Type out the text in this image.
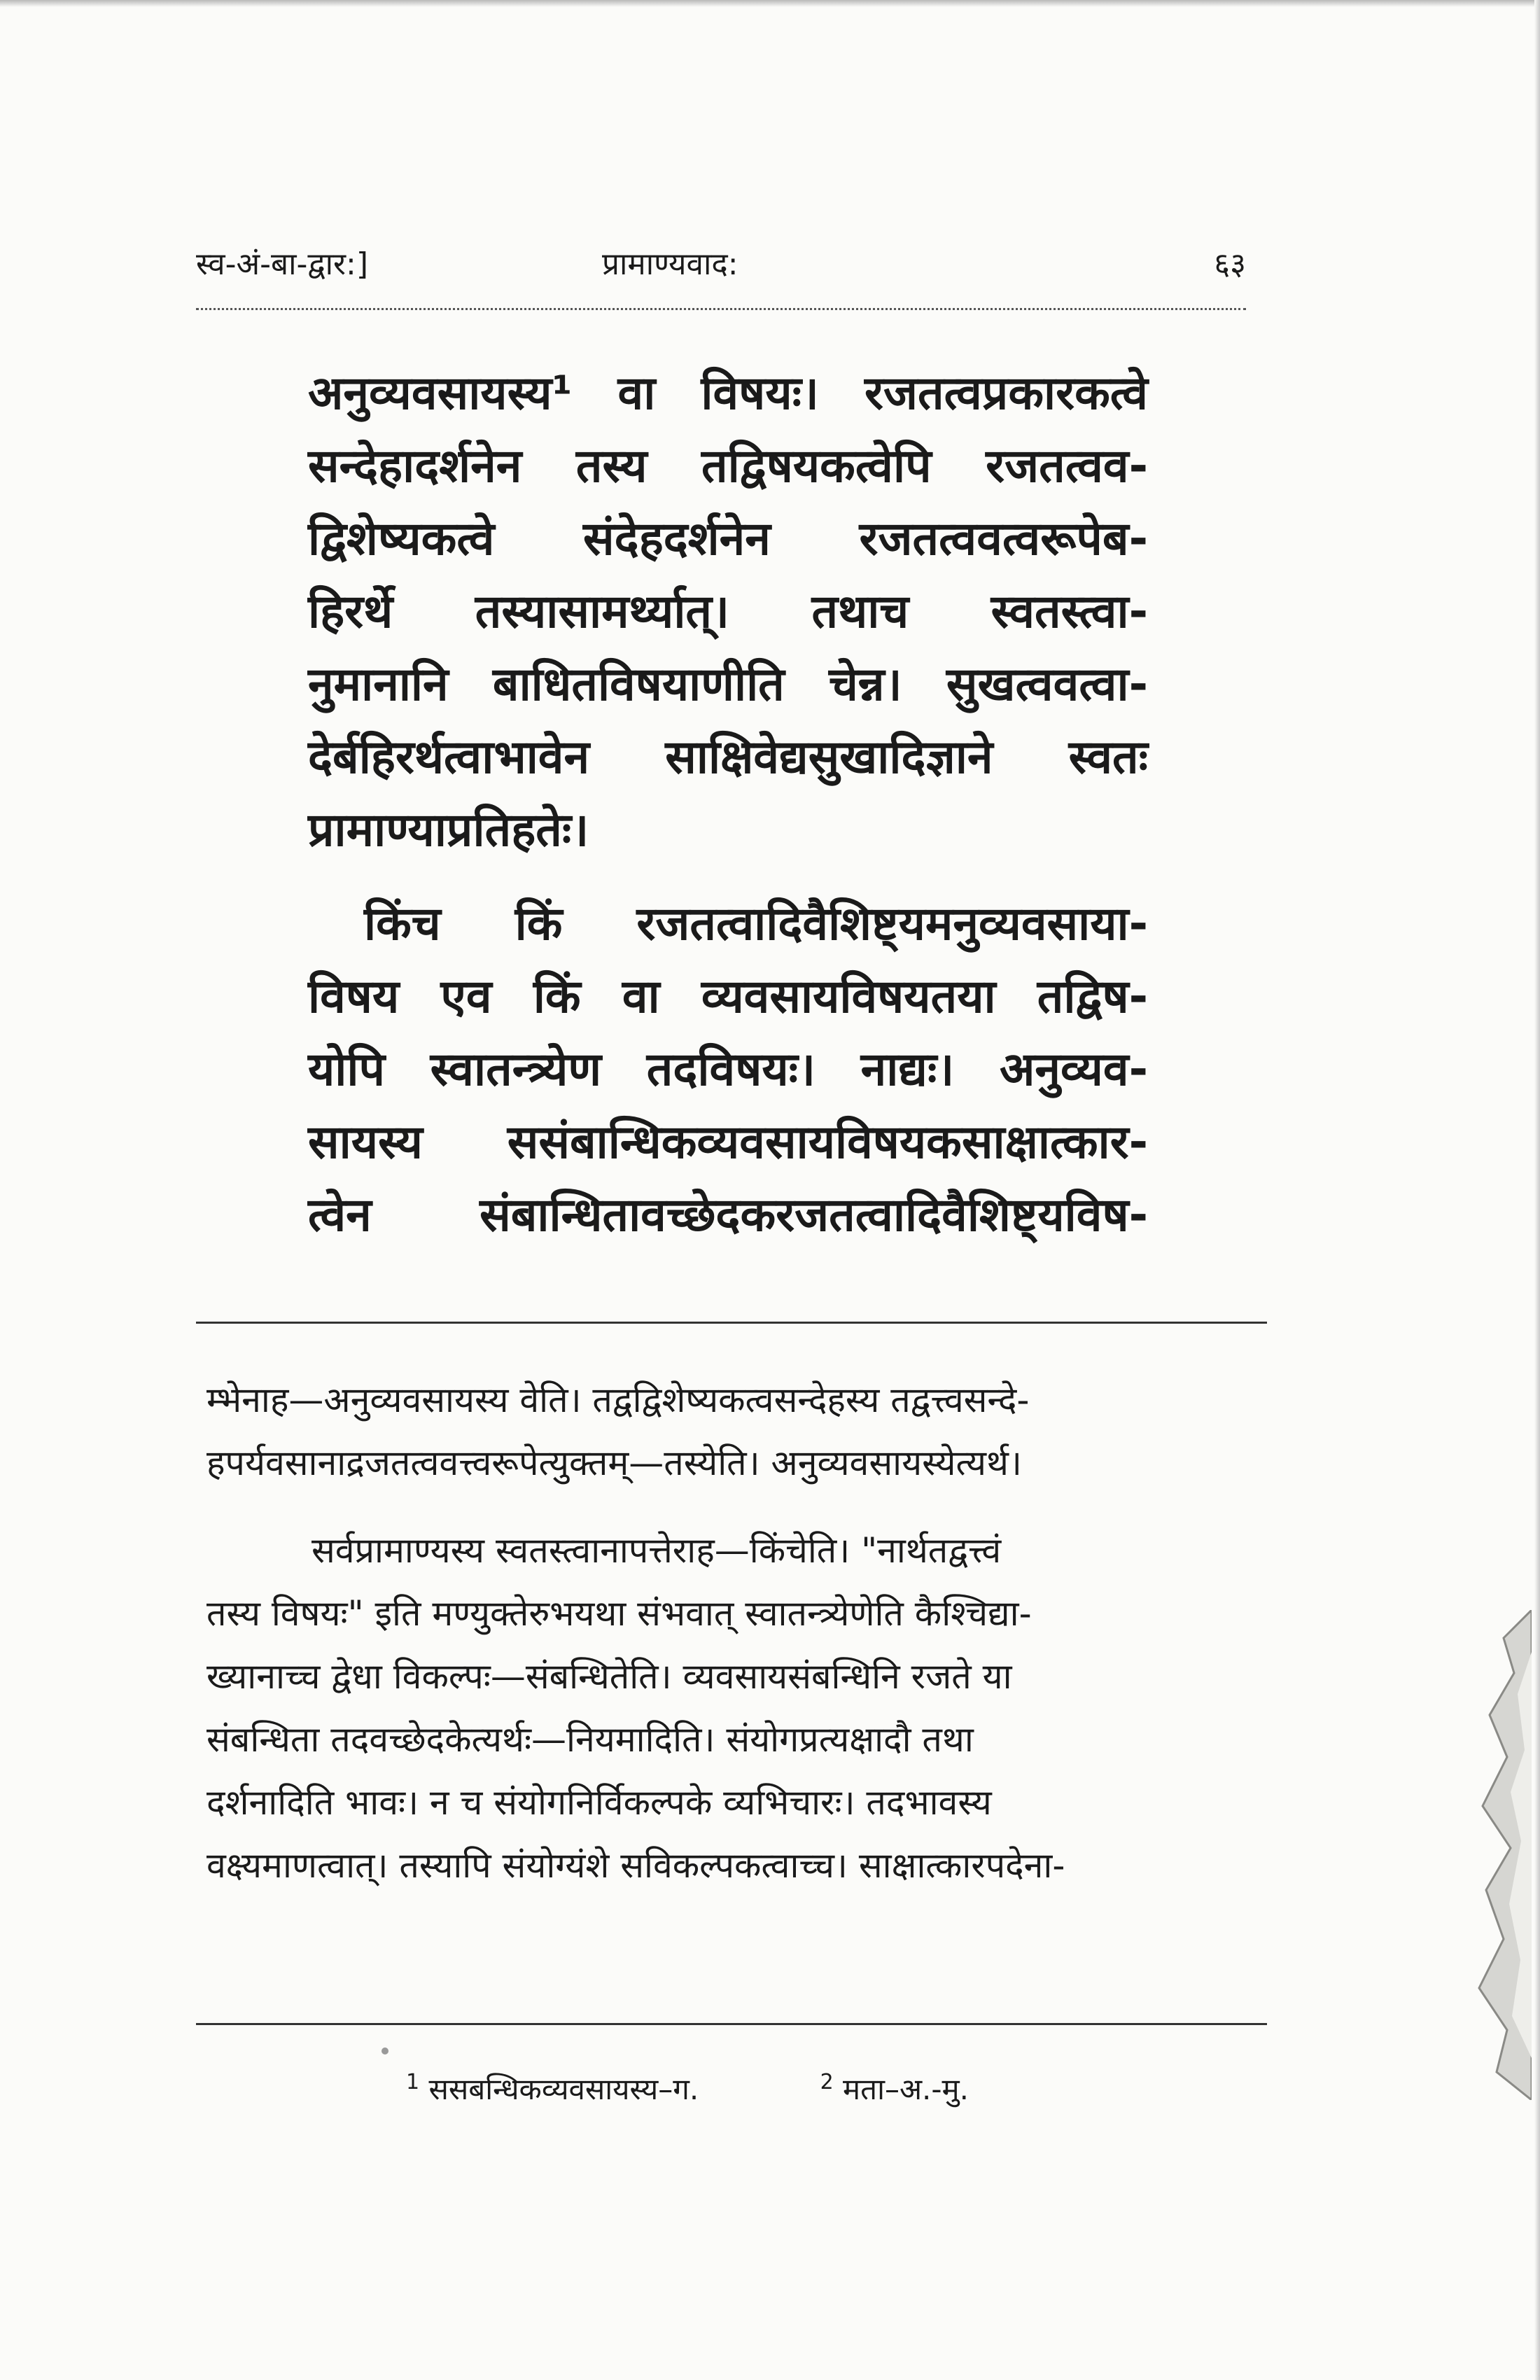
स्व-अं-बा-द्वार:]	प्रामाण्यवाद:	६३
अनुव्यवसायस्य¹ वा विषयः। रजतत्वप्रकारकत्वे
सन्देहादर्शनेन तस्य तद्विषयकत्वेपि रजतत्वव-
द्विशेष्यकत्वे संदेहदर्शनेन रजतत्ववत्वरूपेब-
हिरर्थे तस्यासामर्थ्यात्। तथाच स्वतस्त्वा-
नुमानानि बाधितविषयाणीति चेन्न। सुखत्ववत्वा-
देर्बहिरर्थत्वाभावेन साक्षिवेद्यसुखादिज्ञाने स्वतः
प्रामाण्याप्रतिहतेः।
किंच किं रजतत्वादिवैशिष्ट्यमनुव्यवसाया-
विषय एव किं वा व्यवसायविषयतया तद्विष-
योपि स्वातन्त्र्येण तदविषयः। नाद्यः। अनुव्यव-
सायस्य ससंबान्धिकव्यवसायविषयकसाक्षात्कार-
त्वेन संबान्धितावच्छेदकरजतत्वादिवैशिष्ट्यविष-
म्भेनाह—अनुव्यवसायस्य वेति। तद्वद्विशेष्यकत्वसन्देहस्य तद्वत्त्वसन्दे-
हपर्यवसानाद्रजतत्ववत्त्वरूपेत्युक्तम्—तस्येति। अनुव्यवसायस्येत्यर्थ।
सर्वप्रामाण्यस्य स्वतस्त्वानापत्तेराह—किंचेति। "नार्थतद्वत्त्वं
तस्य विषयः" इति मण्युक्तेरुभयथा संभवात् स्वातन्त्र्येणेति कैश्चिद्या-
ख्यानाच्च द्वेधा विकल्पः—संबन्धितेति। व्यवसायसंबन्धिनि रजते या
संबन्धिता तदवच्छेदकेत्यर्थः—नियमादिति। संयोगप्रत्यक्षादौ तथा
दर्शनादिति भावः। न च संयोगनिर्विकल्पके व्यभिचारः। तदभावस्य
वक्ष्यमाणत्वात्। तस्यापि संयोग्यंशे सविकल्पकत्वाच्च। साक्षात्कारपदेना-
$^1$ ससबन्धिकव्यवसायस्य–ग.	$^2$ मता–अ.-मु.
